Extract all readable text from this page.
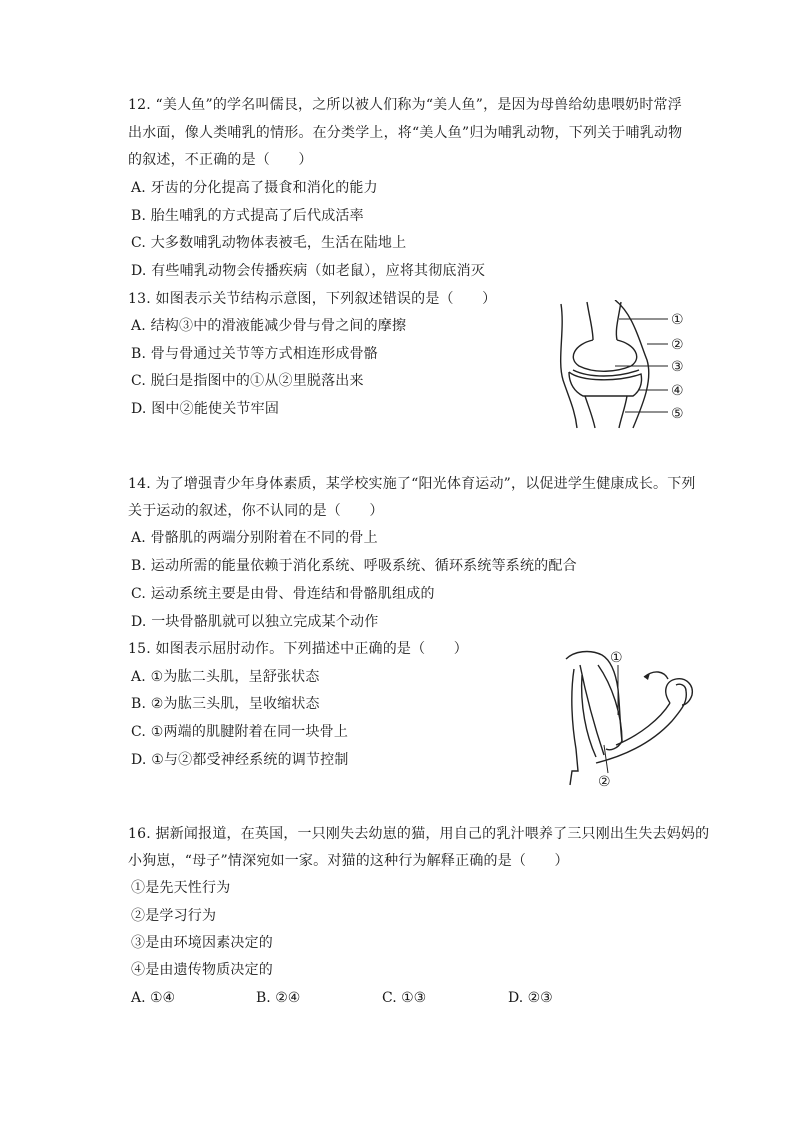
12. “美人鱼”的学名叫儒艮，之所以被人们称为“美人鱼”，是因为母兽给幼患喂奶时常浮
出水面，像人类哺乳的情形。在分类学上，将“美人鱼”归为哺乳动物，下列关于哺乳动物
的叙述，不正确的是（　　）
A. 牙齿的分化提高了摄食和消化的能力
B. 胎生哺乳的方式提高了后代成活率
C. 大多数哺乳动物体表被毛，生活在陆地上
D. 有些哺乳动物会传播疾病（如老鼠），应将其彻底消灭
13. 如图表示关节结构示意图，下列叙述错误的是（　　）
A. 结构③中的滑液能减少骨与骨之间的摩擦
B. 骨与骨通过关节等方式相连形成骨骼
C. 脱臼是指图中的①从②里脱落出来
D. 图中②能使关节牢固
①
②
③
④
⑤
14. 为了增强青少年身体素质，某学校实施了“阳光体育运动”，以促进学生健康成长。下列
关于运动的叙述，你不认同的是（　　）
A. 骨骼肌的两端分别附着在不同的骨上
B. 运动所需的能量依赖于消化系统、呼吸系统、循环系统等系统的配合
C. 运动系统主要是由骨、骨连结和骨骼肌组成的
D. 一块骨骼肌就可以独立完成某个动作
15. 如图表示屈肘动作。下列描述中正确的是（　　）
A. ①为肱二头肌，呈舒张状态
B. ②为肱三头肌，呈收缩状态
C. ①两端的肌腱附着在同一块骨上
D. ①与②都受神经系统的调节控制
①
②
16. 据新闻报道，在英国，一只刚失去幼崽的猫，用自己的乳汁喂养了三只刚出生失去妈妈的
小狗崽，“母子”情深宛如一家。对猫的这种行为解释正确的是（　　）
①是先天性行为
②是学习行为
③是由环境因素决定的
④是由遗传物质决定的
A. ①④	B. ②④	C. ①③	D. ②③
